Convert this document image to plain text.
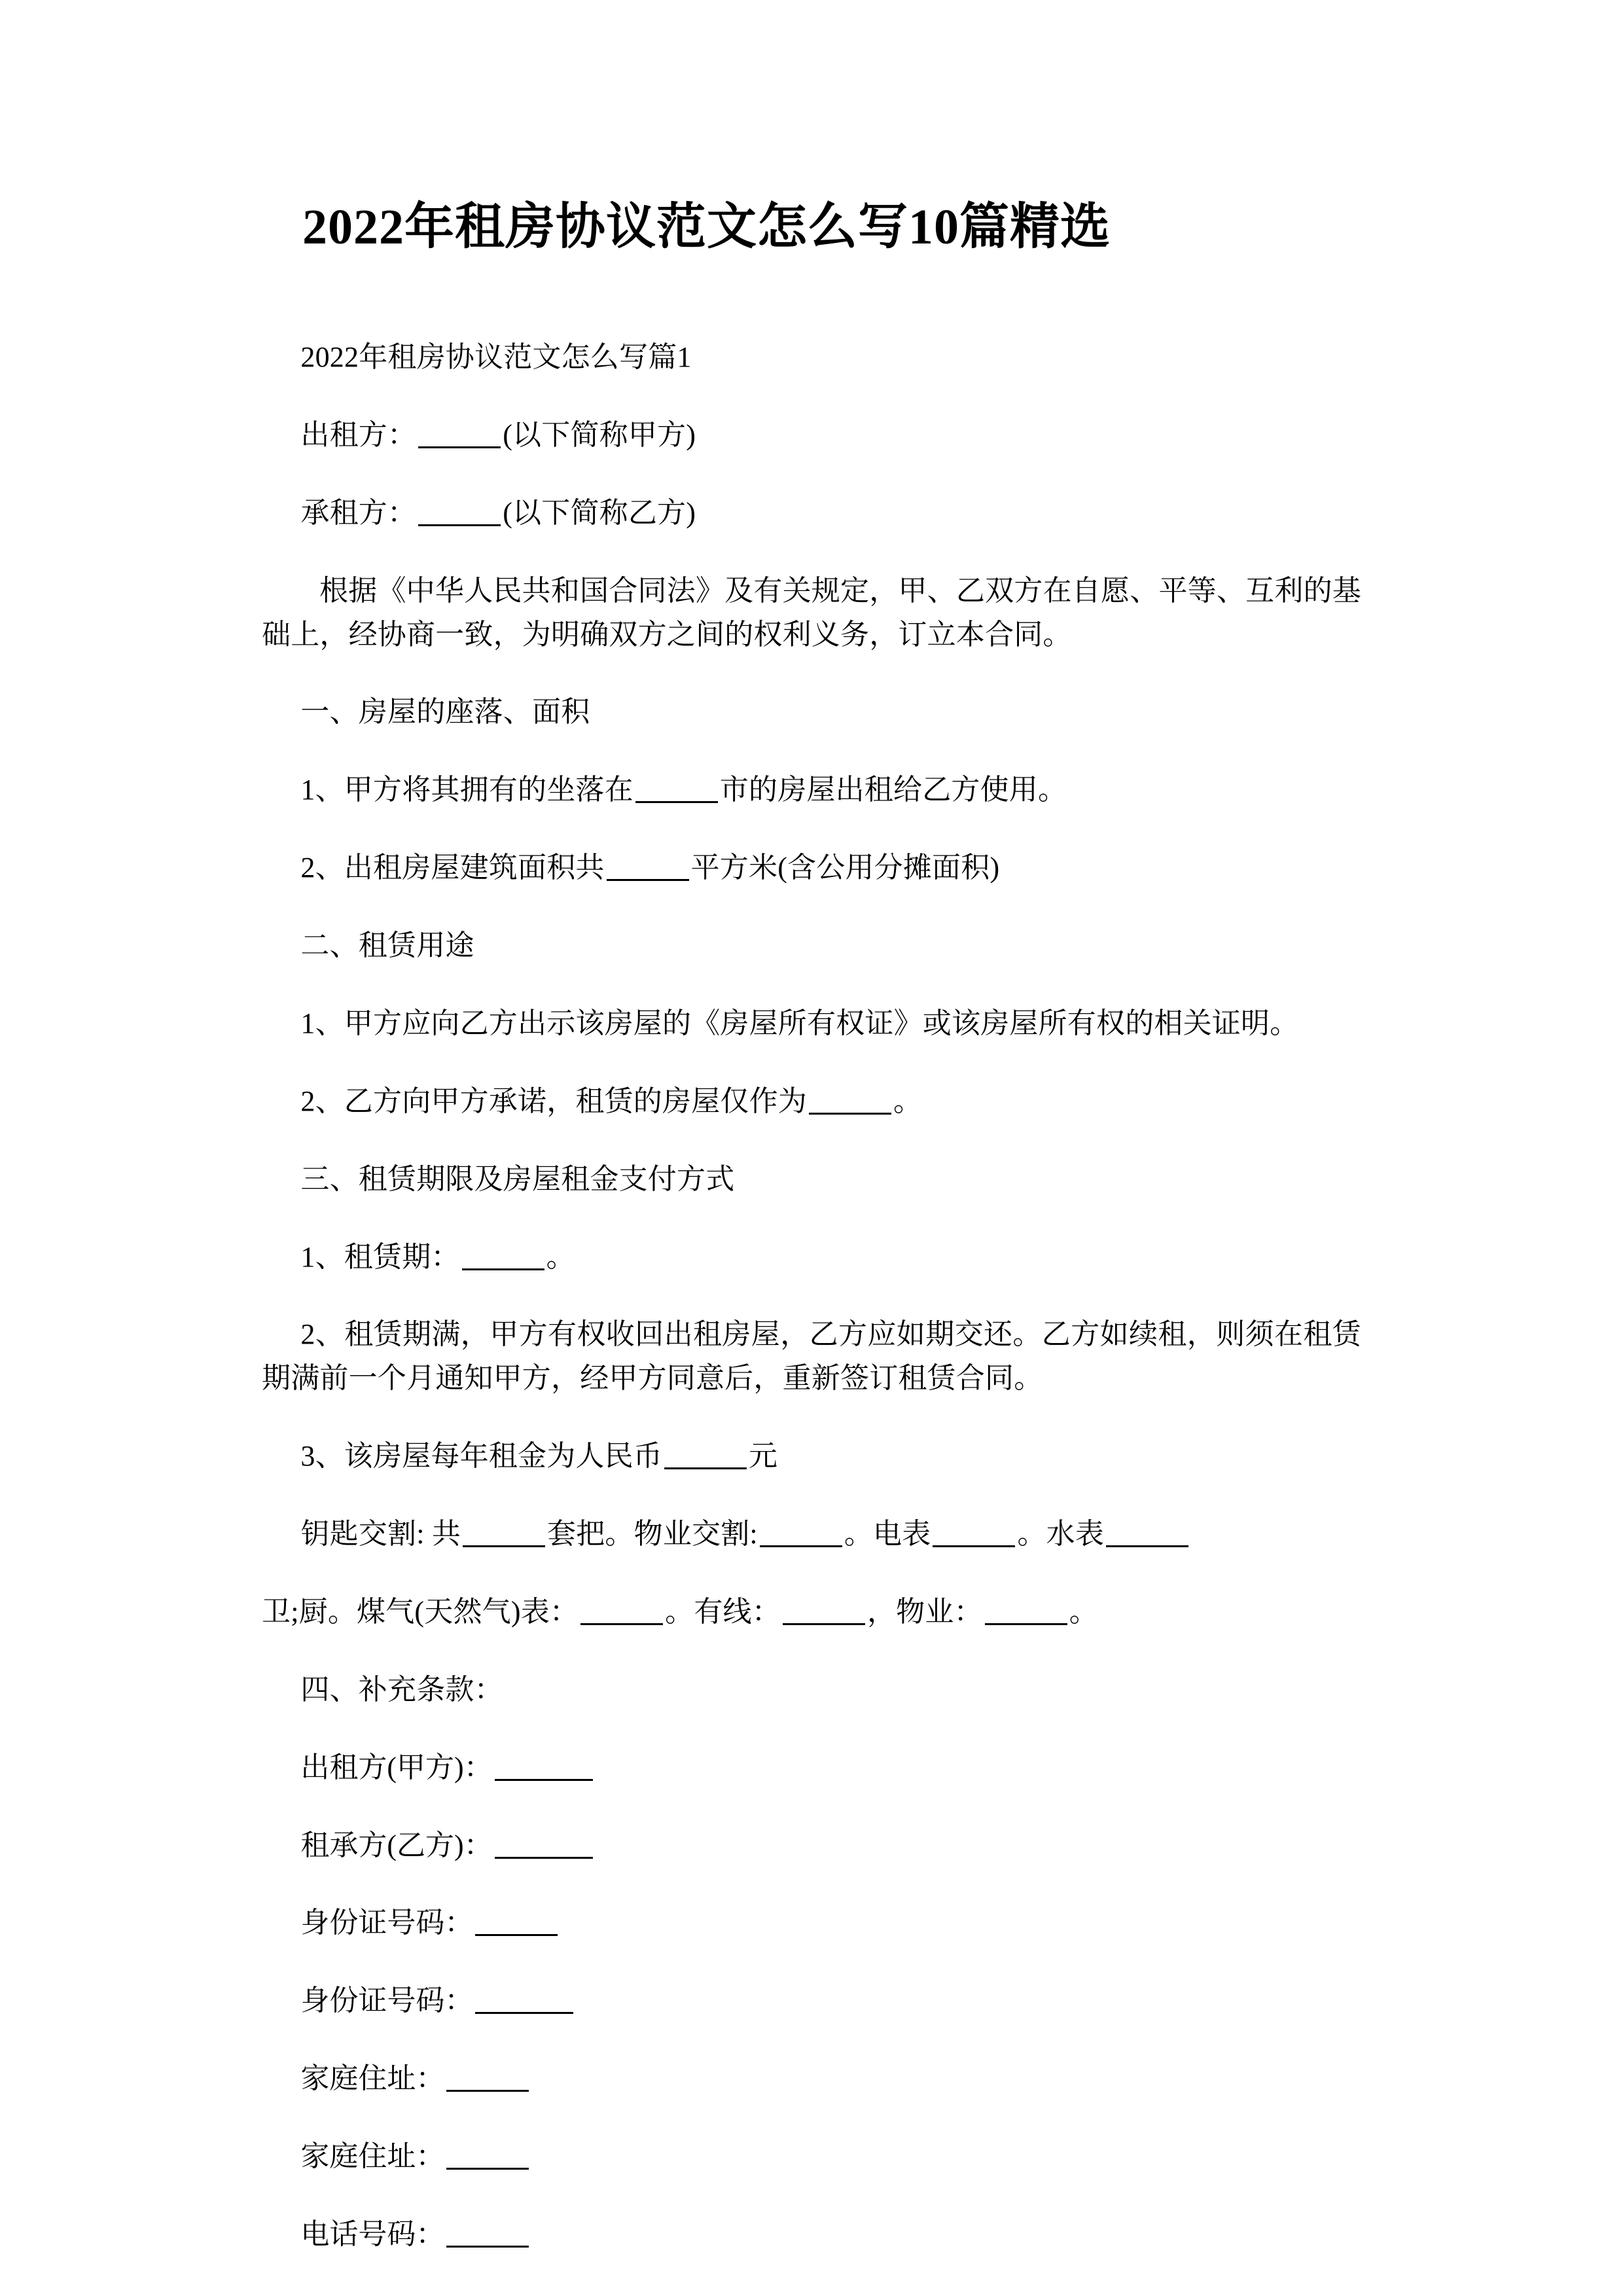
2022年租房协议范文怎么写10篇精选

2022年租房协议范文怎么写篇1

出租方：	(以下简称甲方)

承租方：	(以下简称乙方)

根据《中华人民共和国合同法》及有关规定，甲、乙双方在自愿、平等、互利的基础上，经协商一致，为明确双方之间的权利义务，订立本合同。

一、房屋的座落、面积

1、甲方将其拥有的坐落在	市的房屋出租给乙方使用。

2、出租房屋建筑面积共	平方米(含公用分摊面积)

二、租赁用途

1、甲方应向乙方出示该房屋的《房屋所有权证》或该房屋所有权的相关证明。

2、乙方向甲方承诺，租赁的房屋仅作为	。

三、租赁期限及房屋租金支付方式

1、租赁期：	。

2、租赁期满，甲方有权收回出租房屋，乙方应如期交还。乙方如续租，则须在租赁期满前一个月通知甲方，经甲方同意后，重新签订租赁合同。

3、该房屋每年租金为人民币	元

钥匙交割: 共	套把。物业交割:	。电表	。水表

卫;厨。煤气(天然气)表：	。有线：	，物业：	。

四、补充条款：

出租方(甲方)：

租承方(乙方)：

身份证号码：

身份证号码：

家庭住址：

家庭住址：

电话号码：
